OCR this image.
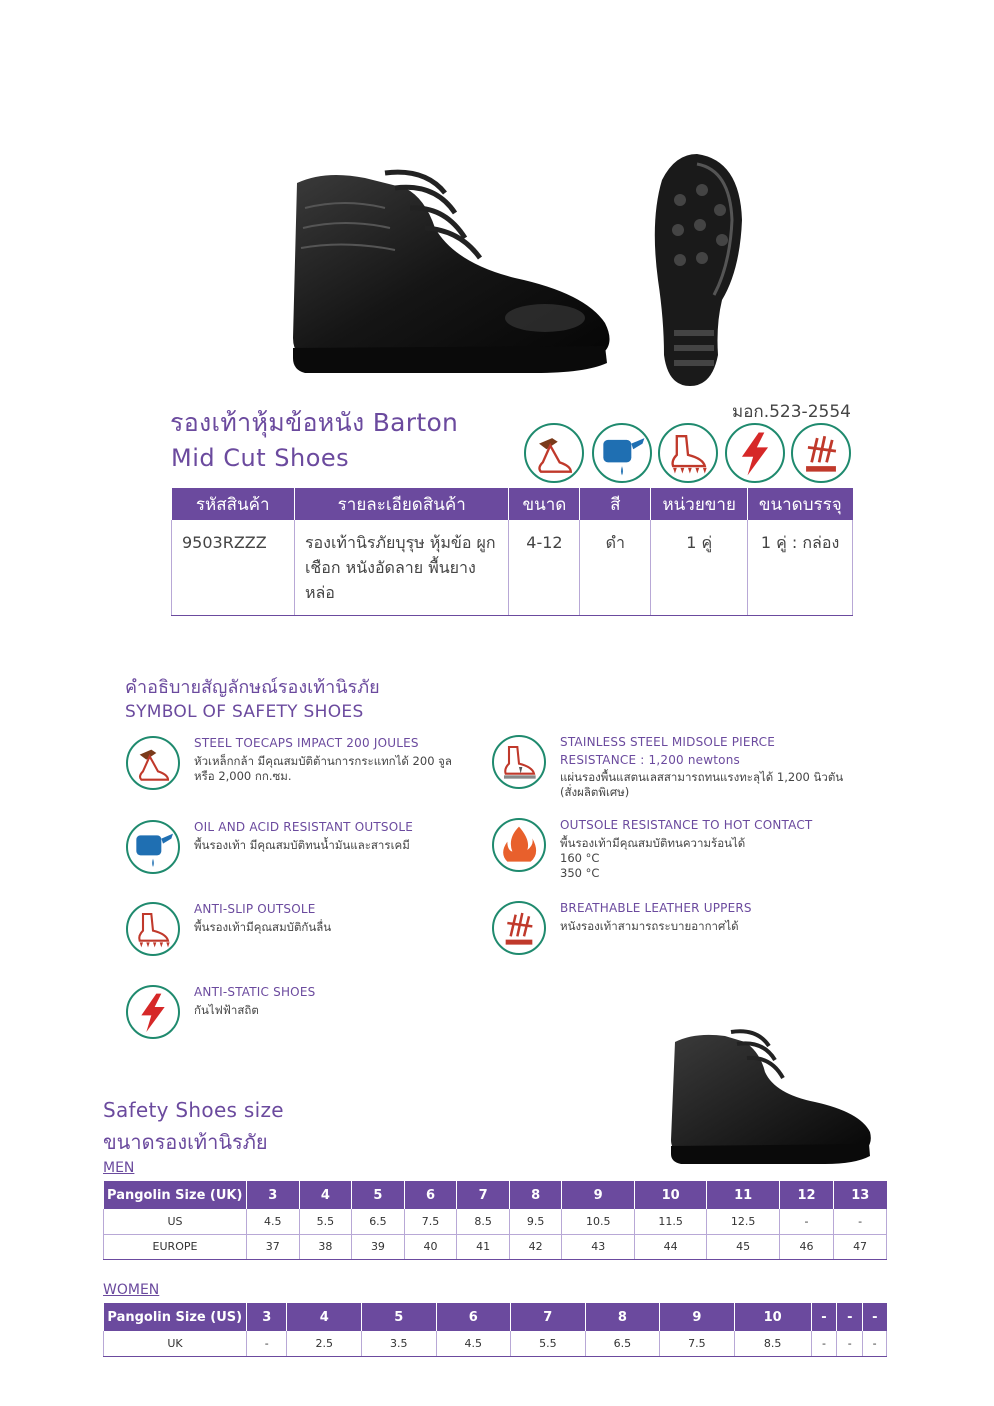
รองเท้าหุ้มข้อหนัง Barton
Mid Cut Shoes
มอก.523-2554
รหัสสินค้า	รายละเอียดสินค้า	ขนาด	สี	หน่วยขาย	ขนาดบรรจุ
9503RZZZ	รองเท้านิรภัยบุรุษ หุ้มข้อ ผูกเชือก หนังอัดลาย พื้นยางหล่อ	4-12	ดำ	1 คู่	1 คู่ : กล่อง
คำอธิบายสัญลักษณ์รองเท้านิรภัย
SYMBOL OF SAFETY SHOES
STEEL TOECAPS IMPACT 200 JOULES
หัวเหล็กกล้า มีคุณสมบัติต้านการกระแทกได้ 200 จูล
หรือ 2,000 กก.ซม.
OIL AND ACID RESISTANT OUTSOLE
พื้นรองเท้า มีคุณสมบัติทนน้ำมันและสารเคมี
ANTI-SLIP OUTSOLE
พื้นรองเท้ามีคุณสมบัติกันลื่น
ANTI-STATIC SHOES
กันไฟฟ้าสถิต
STAINLESS STEEL MIDSOLE PIERCE
RESISTANCE : 1,200 newtons
แผ่นรองพื้นแสตนเลสสามารถทนแรงทะลุได้ 1,200 นิวตัน
(สั่งผลิตพิเศษ)
OUTSOLE RESISTANCE TO HOT CONTACT
พื้นรองเท้ามีคุณสมบัติทนความร้อนได้
160 °C
350 °C
BREATHABLE LEATHER UPPERS
หนังรองเท้าสามารถระบายอากาศได้
Safety Shoes size
ขนาดรองเท้านิรภัย
MEN
Pangolin Size (UK)	3	4	5	6	7	8	9	10	11	12	13
US	4.5	5.5	6.5	7.5	8.5	9.5	10.5	11.5	12.5	-	-
EUROPE	37	38	39	40	41	42	43	44	45	46	47
WOMEN
Pangolin Size (US)	3	4	5	6	7	8	9	10	-	-	-
UK	-	2.5	3.5	4.5	5.5	6.5	7.5	8.5	-	-	-
